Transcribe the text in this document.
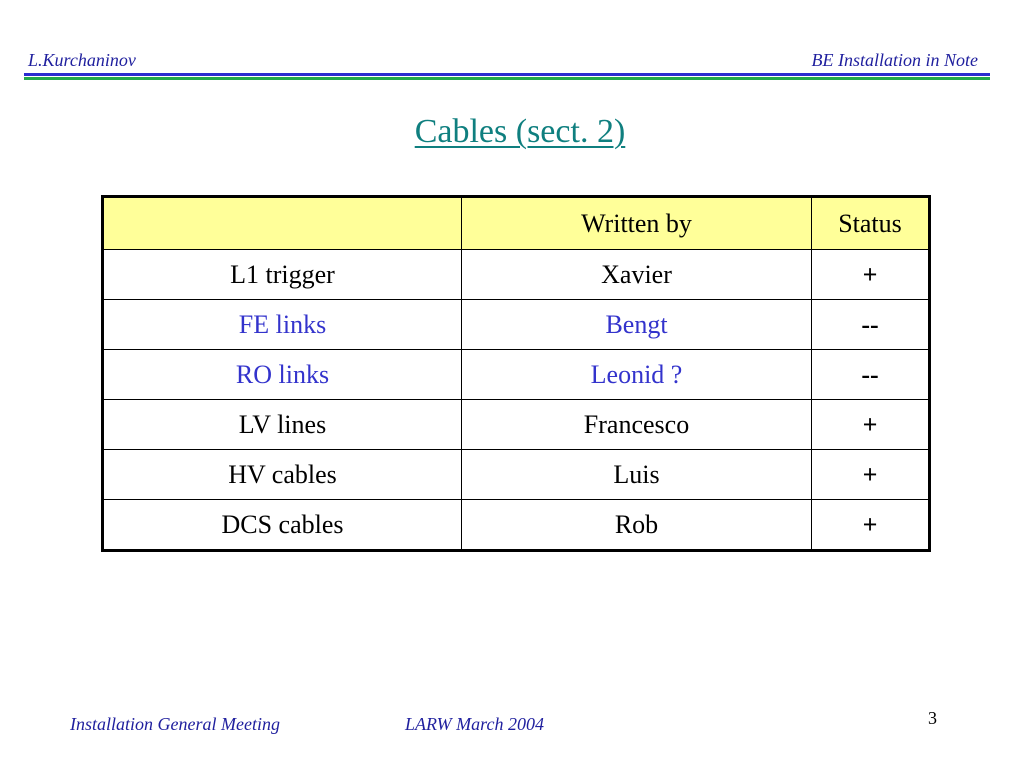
L.Kurchaninov	BE Installation in Note
Cables (sect. 2)
	Written by	Status
L1 trigger	Xavier	+
FE links	Bengt	--
RO links	Leonid ?	--
LV lines	Francesco	+
HV cables	Luis	+
DCS cables	Rob	+
Installation General Meeting	LARW March 2004	3
